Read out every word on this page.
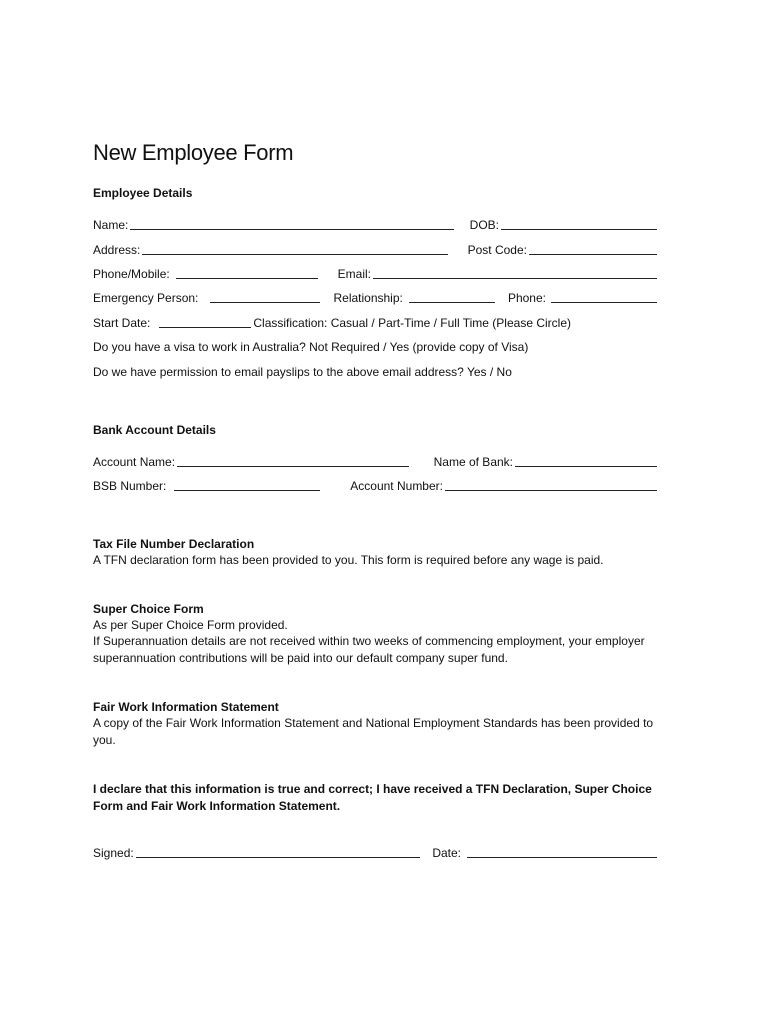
New Employee Form
Employee Details
Name:	DOB:
Address:	Post Code:
Phone/Mobile:	Email:
Emergency Person:	Relationship:	Phone:
Start Date:	Classification: Casual / Part-Time / Full Time (Please Circle)

Do you have a visa to work in Australia? Not Required / Yes (provide copy of Visa)

Do we have permission to email payslips to the above email address? Yes / No

Bank Account Details
Account Name:	Name of Bank:
BSB Number:	Account Number:
Tax File Number Declaration

A TFN declaration form has been provided to you. This form is required before any wage is paid.

Super Choice Form

As per Super Choice Form provided.

If Superannuation details are not received within two weeks of commencing employment, your employer superannuation contributions will be paid into our default company super fund.

Fair Work Information Statement

A copy of the Fair Work Information Statement and National Employment Standards has been provided to you.

I declare that this information is true and correct; I have received a TFN Declaration, Super Choice Form and Fair Work Information Statement.

Signed:	Date:
